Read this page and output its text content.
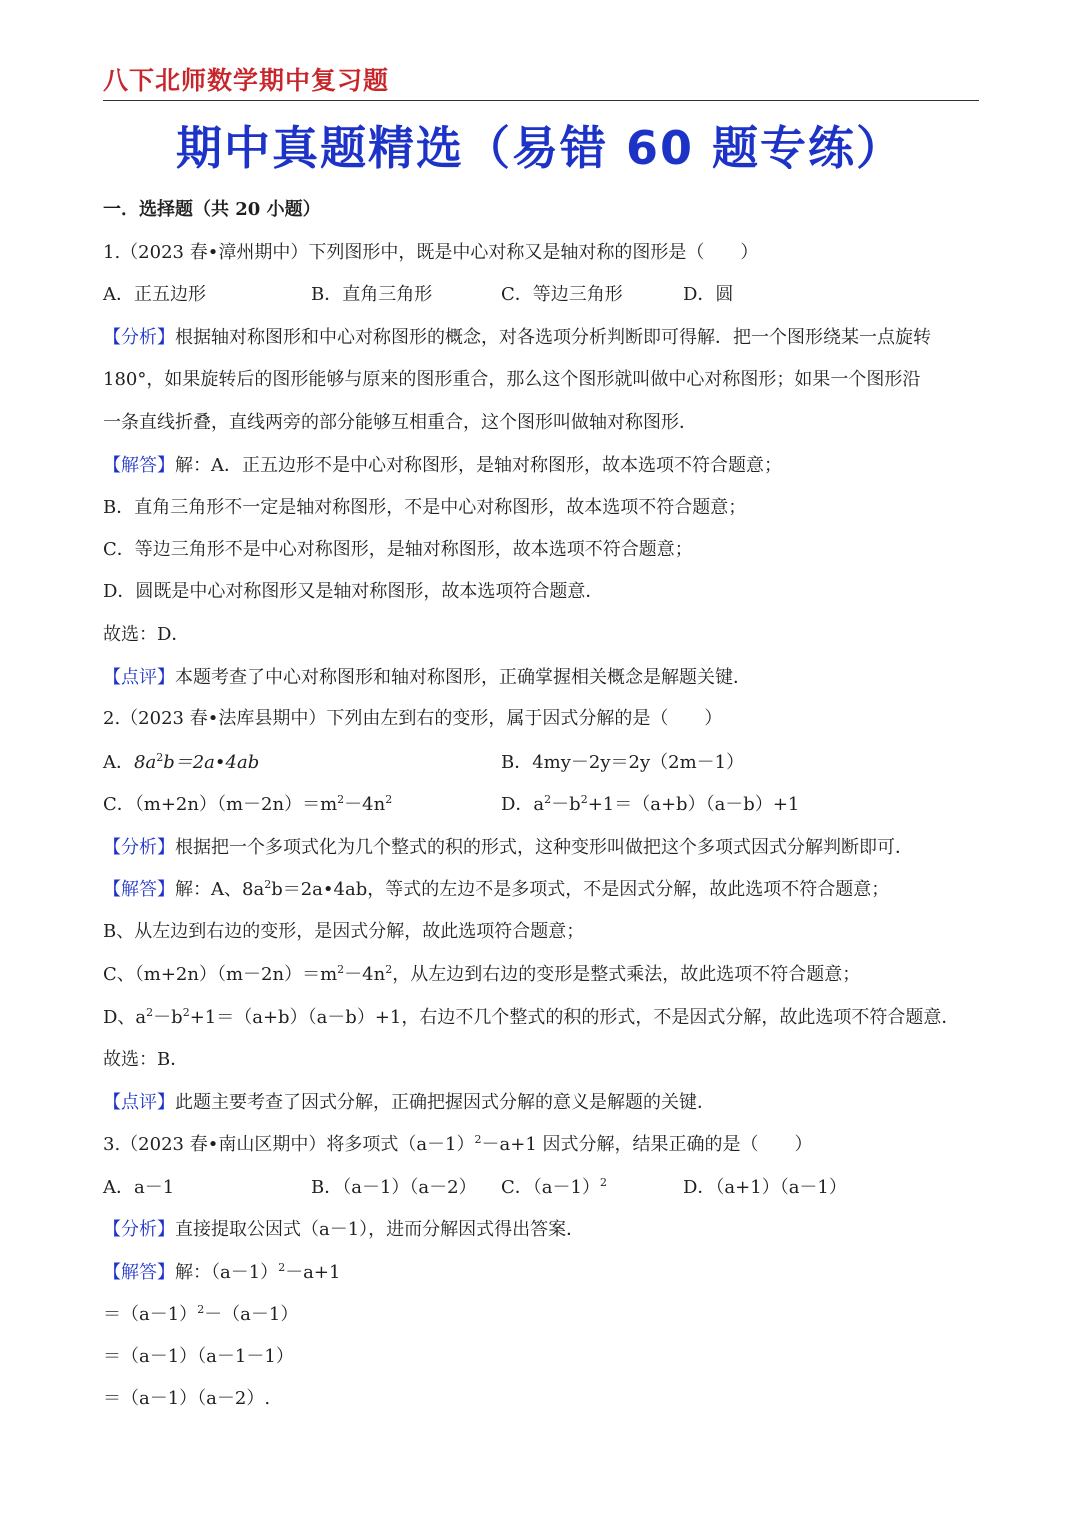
八下北师数学期中复习题
期中真题精选（易错 60 题专练）
一．选择题（共 20 小题）
1.（2023 春•漳州期中）下列图形中，既是中心对称又是轴对称的图形是（　　）
A．正五边形	B．直角三角形	C．等边三角形	D．圆
【分析】根据轴对称图形和中心对称图形的概念，对各选项分析判断即可得解．把一个图形绕某一点旋转
180°，如果旋转后的图形能够与原来的图形重合，那么这个图形就叫做中心对称图形；如果一个图形沿
一条直线折叠，直线两旁的部分能够互相重合，这个图形叫做轴对称图形．
【解答】解：A．正五边形不是中心对称图形，是轴对称图形，故本选项不符合题意；
B．直角三角形不一定是轴对称图形，不是中心对称图形，故本选项不符合题意；
C．等边三角形不是中心对称图形，是轴对称图形，故本选项不符合题意；
D．圆既是中心对称图形又是轴对称图形，故本选项符合题意．
故选：D．
【点评】本题考查了中心对称图形和轴对称图形，正确掌握相关概念是解题关键．
2.（2023 春•法库县期中）下列由左到右的变形，属于因式分解的是（　　）
A．$8a^2b=2a•4ab$	B．4my－2y＝2y（2m－1）
C．$(m+2n)(m-2n)=m^2-4n^2$	D．$a^2-b^2+1=(a+b)(a-b)+1$
【分析】根据把一个多项式化为几个整式的积的形式，这种变形叫做把这个多项式因式分解判断即可．
【解答】解：A、$8a^2b=2a•4ab$，等式的左边不是多项式，不是因式分解，故此选项不符合题意；
B、从左边到右边的变形，是因式分解，故此选项符合题意；
C、$(m+2n)(m-2n)=m^2-4n^2$，从左边到右边的变形是整式乘法，故此选项不符合题意；
D、$a^2-b^2+1=(a+b)(a-b)+1$，右边不几个整式的积的形式，不是因式分解，故此选项不符合题意．
故选：B．
【点评】此题主要考查了因式分解，正确把握因式分解的意义是解题的关键．
3.（2023 春•南山区期中）将多项式$(a-1)^2-a+1$ 因式分解，结果正确的是（　　）
A．a－1	B．（a－1）（a－2） C．$(a-1)^2$	D．（a+1）（a－1）
【分析】直接提取公因式（a－1），进而分解因式得出答案．
【解答】解：$(a-1)^2-a+1$
$=(a-1)^2-(a-1)$
＝（a－1）（a－1－1）
＝（a－1）（a－2）.
